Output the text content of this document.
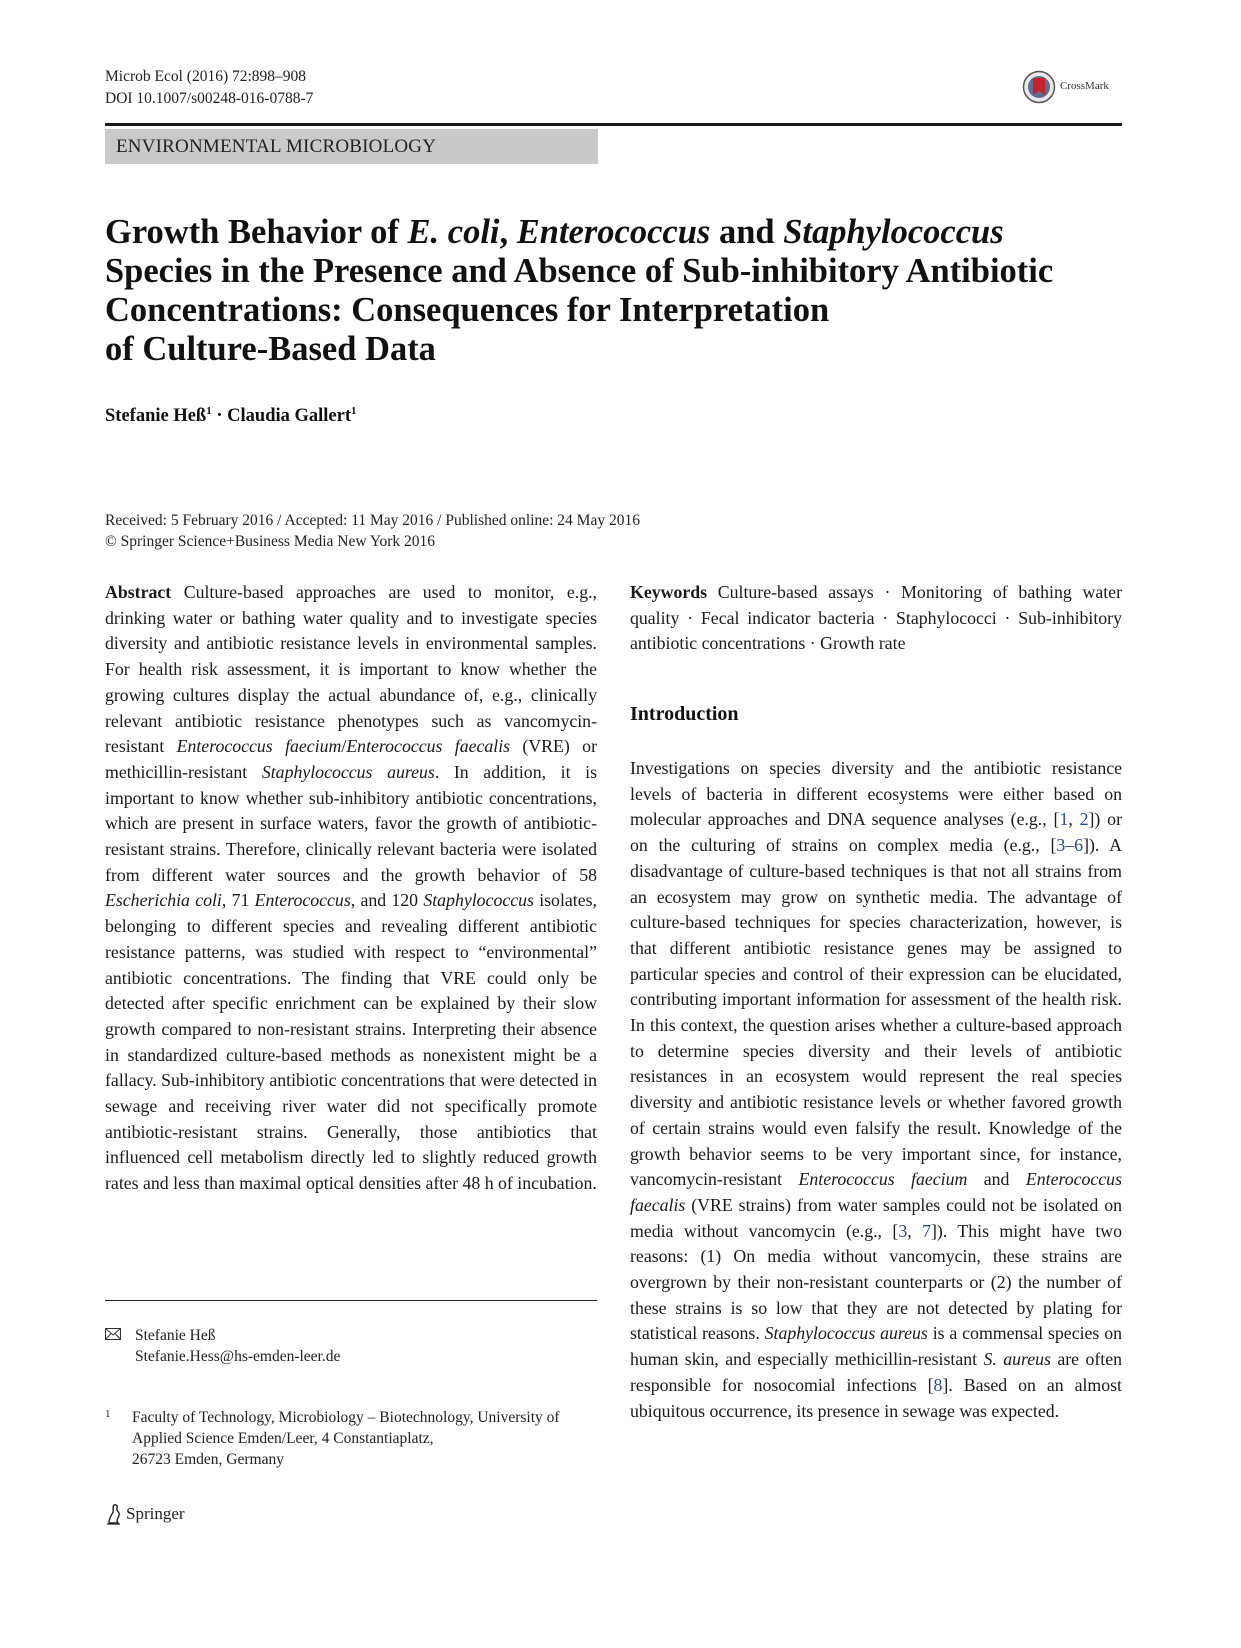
Microb Ecol (2016) 72:898–908
DOI 10.1007/s00248-016-0788-7
CrossMark
ENVIRONMENTAL MICROBIOLOGY
Growth Behavior of E. coli, Enterococcus and Staphylococcus
Species in the Presence and Absence of Sub-inhibitory Antibiotic
Concentrations: Consequences for Interpretation
of Culture-Based Data
Stefanie Heß$^1$ · Claudia Gallert$^1$
Received: 5 February 2016 / Accepted: 11 May 2016 / Published online: 24 May 2016
© Springer Science+Business Media New York 2016
Abstract Culture-based approaches are used to monitor, e.g., drinking water or bathing water quality and to investigate species diversity and antibiotic resistance levels in environmental samples. For health risk assessment, it is important to know whether the growing cultures display the actual abundance of, e.g., clinically relevant antibiotic resistance phenotypes such as vancomycin-resistant Enterococcus faecium/Enterococcus faecalis (VRE) or methicillin-resistant Staphylococcus aureus. In addition, it is important to know whether sub-inhibitory antibiotic concentrations, which are present in surface waters, favor the growth of antibiotic-resistant strains. Therefore, clinically relevant bacteria were isolated from different water sources and the growth behavior of 58 Escherichia coli, 71 Enterococcus, and 120 Staphylococcus isolates, belonging to different species and revealing different antibiotic resistance patterns, was studied with respect to “environmental” antibiotic concentrations. The finding that VRE could only be detected after specific enrichment can be explained by their slow growth compared to non-resistant strains. Interpreting their absence in standardized culture-based methods as nonexistent might be a fallacy. Sub-inhibitory antibiotic concentrations that were detected in sewage and receiving river water did not specifically promote antibiotic-resistant strains. Generally, those antibiotics that influenced cell metabolism directly led to slightly reduced growth rates and less than maximal optical densities after 48 h of incubation.
Keywords Culture-based assays · Monitoring of bathing water quality · Fecal indicator bacteria · Staphylococci · Sub-inhibitory antibiotic concentrations · Growth rate
Introduction
Investigations on species diversity and the antibiotic resistance levels of bacteria in different ecosystems were either based on molecular approaches and DNA sequence analyses (e.g., [1, 2]) or on the culturing of strains on complex media (e.g., [3–6]). A disadvantage of culture-based techniques is that not all strains from an ecosystem may grow on synthetic media. The advantage of culture-based techniques for species characterization, however, is that different antibiotic resistance genes may be assigned to particular species and control of their expression can be elucidated, contributing important information for assessment of the health risk. In this context, the question arises whether a culture-based approach to determine species diversity and their levels of antibiotic resistances in an ecosystem would represent the real species diversity and antibiotic resistance levels or whether favored growth of certain strains would even falsify the result. Knowledge of the growth behavior seems to be very important since, for instance, vancomycin-resistant Enterococcus faecium and Enterococcus faecalis (VRE strains) from water samples could not be isolated on media without vancomycin (e.g., [3, 7]). This might have two reasons: (1) On media without vancomycin, these strains are overgrown by their non-resistant counterparts or (2) the number of these strains is so low that they are not detected by plating for statistical reasons. Staphylococcus aureus is a commensal species on human skin, and especially methicillin-resistant S. aureus are often responsible for nosocomial infections [8]. Based on an almost ubiquitous occurrence, its presence in sewage was expected.
Stefanie Heß
Stefanie.Hess@hs-emden-leer.de
1 Faculty of Technology, Microbiology – Biotechnology, University of
Applied Science Emden/Leer, 4 Constantiaplatz,
26723 Emden, Germany
Springer
